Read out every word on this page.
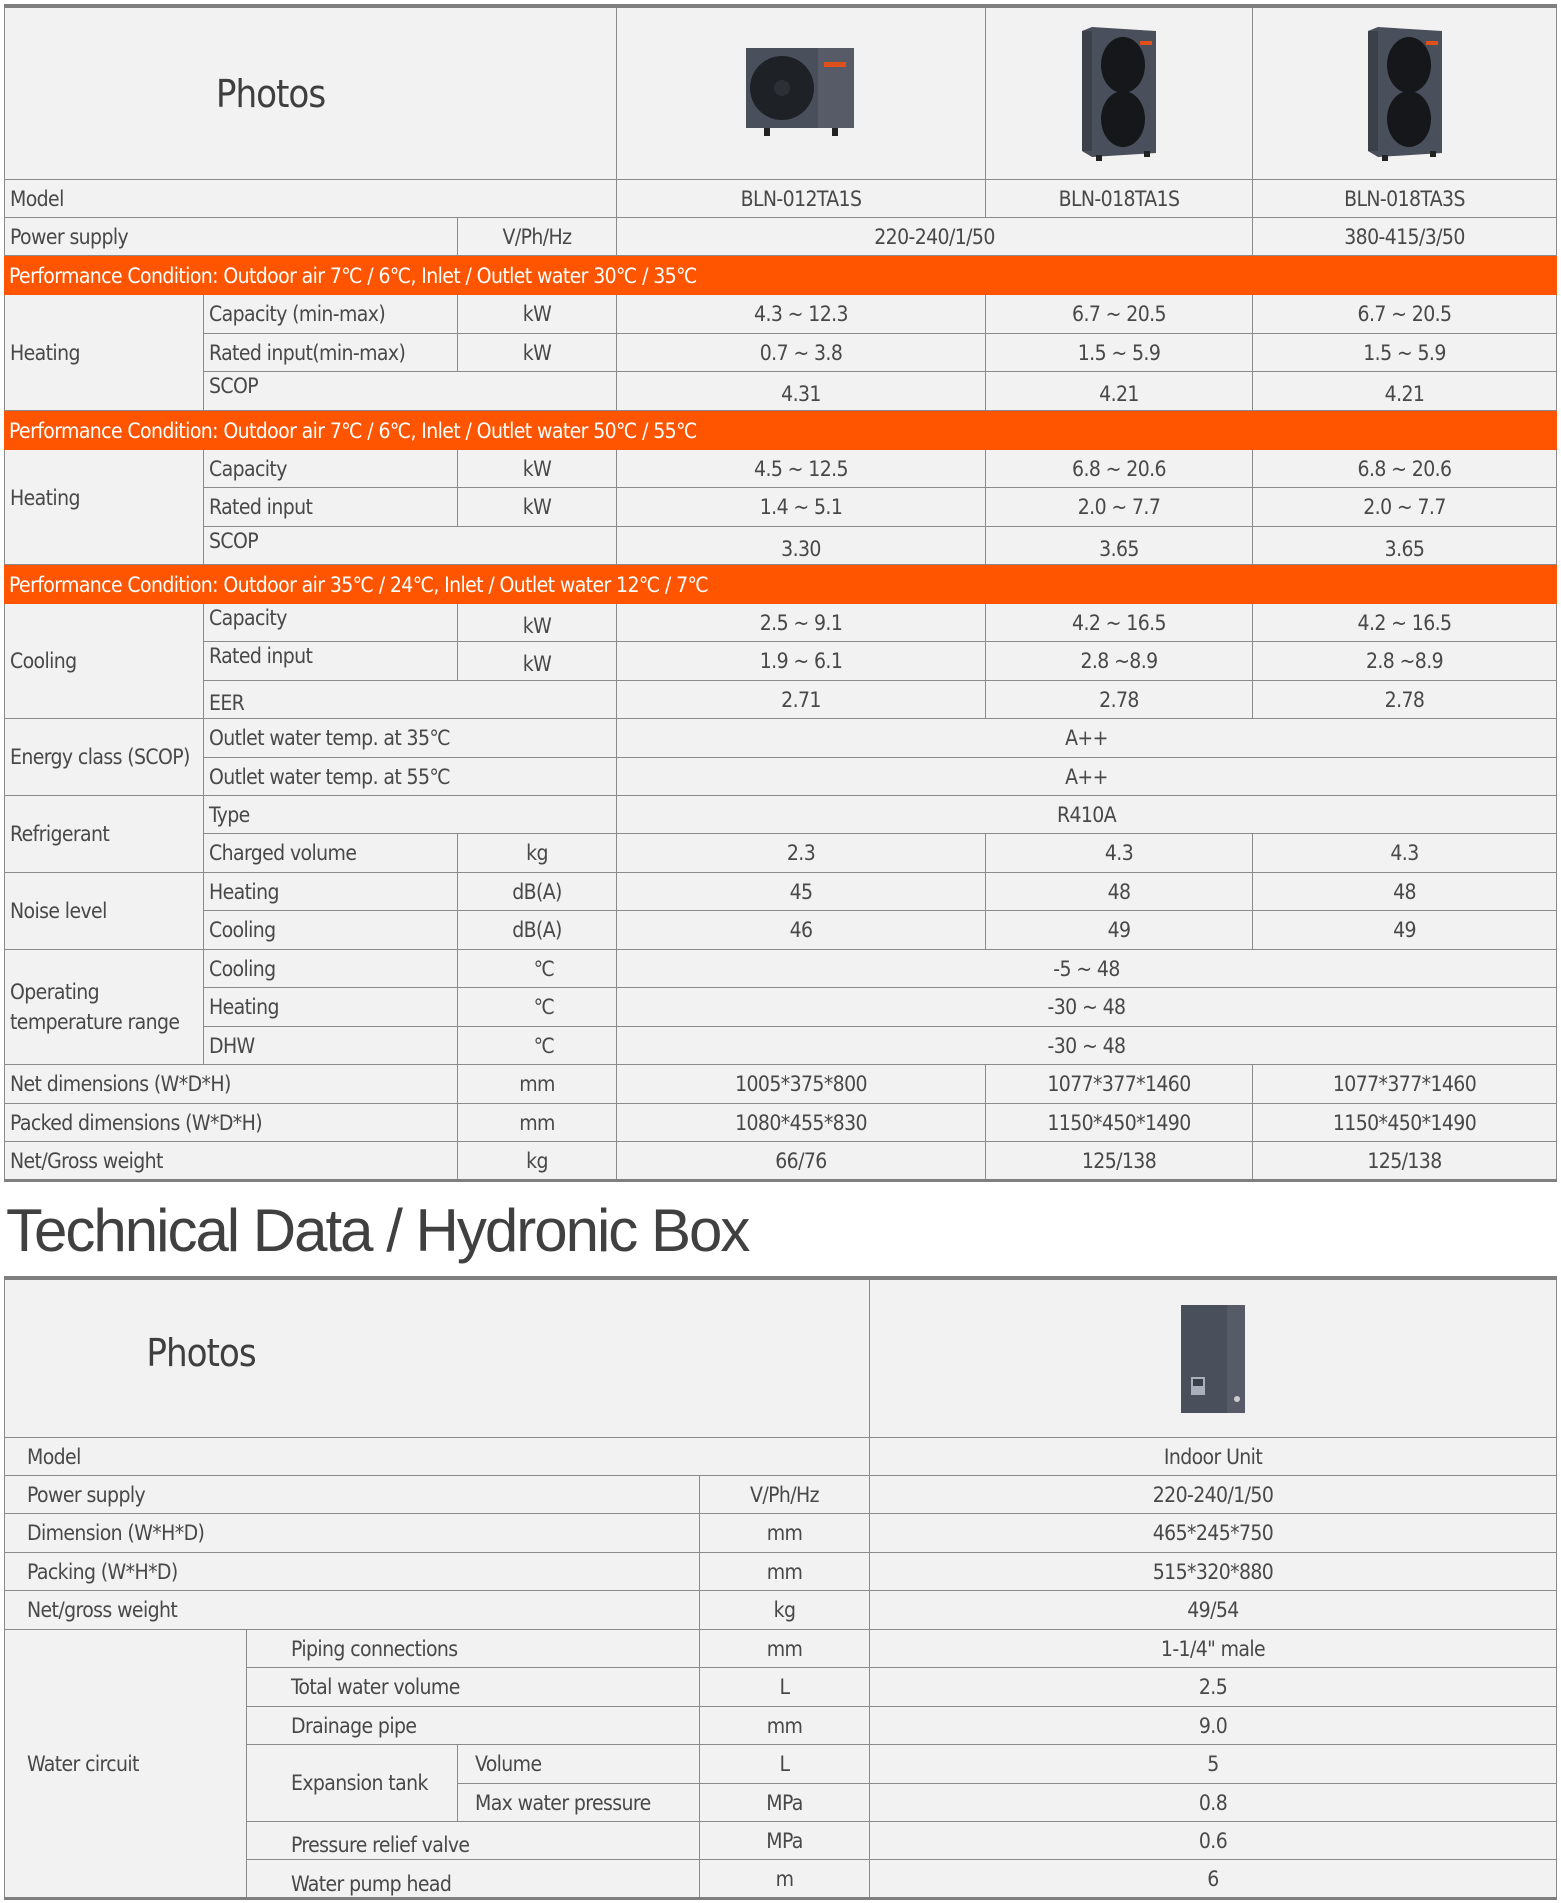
Photos
Model	BLN-012TA1S	BLN-018TA1S	BLN-018TA3S
Power supply	V/Ph/Hz	220-240/1/50	380-415/3/50
Performance Condition: Outdoor air 7℃ / 6℃, Inlet / Outlet water 30℃ / 35℃
Heating
Capacity (min-max)	kW	4.3 ~ 12.3	6.7 ~ 20.5	6.7 ~ 20.5
Rated input(min-max)	kW	0.7 ~ 3.8	1.5 ~ 5.9	1.5 ~ 5.9
SCOP	4.31	4.21	4.21
Performance Condition: Outdoor air 7℃ / 6℃, Inlet / Outlet water 50℃ / 55℃
Heating
Capacity	kW	4.5 ~ 12.5	6.8 ~ 20.6	6.8 ~ 20.6
Rated input	kW	1.4 ~ 5.1	2.0 ~ 7.7	2.0 ~ 7.7
SCOP	3.30	3.65	3.65
Performance Condition: Outdoor air 35℃ / 24℃, Inlet / Outlet water 12℃ / 7℃
Cooling
Capacity	kW	2.5 ~ 9.1	4.2 ~ 16.5	4.2 ~ 16.5
Rated input	kW	1.9 ~ 6.1	2.8 ~8.9	2.8 ~8.9
EER	2.71	2.78	2.78
Energy class (SCOP)
Outlet water temp. at 35℃	A++
Outlet water temp. at 55℃	A++
Refrigerant
Type	R410A
Charged volume	kg	2.3	4.3	4.3
Noise level
Heating	dB(A)	45	48	48
Cooling	dB(A)	46	49	49
Operating
temperature range
Cooling	℃	-5 ~ 48
Heating	℃	-30 ~ 48
DHW	℃	-30 ~ 48
Net dimensions (W*D*H)	mm	1005*375*800	1077*377*1460	1077*377*1460
Packed dimensions (W*D*H)	mm	1080*455*830	1150*450*1490	1150*450*1490
Net/Gross weight	kg	66/76	125/138	125/138
Technical Data / Hydronic Box
Photos
Model	Indoor Unit
Power supply	V/Ph/Hz	220-240/1/50
Dimension (W*H*D)	mm	465*245*750
Packing (W*H*D)	mm	515*320*880
Net/gross weight	kg	49/54
Water circuit
Piping connections	mm	1-1/4" male
Total water volume	L	2.5
Drainage pipe	mm	9.0
Expansion tank
Volume	L	5
Max water pressure	MPa	0.8
Pressure relief valve	MPa	0.6
Water pump head	m	6
